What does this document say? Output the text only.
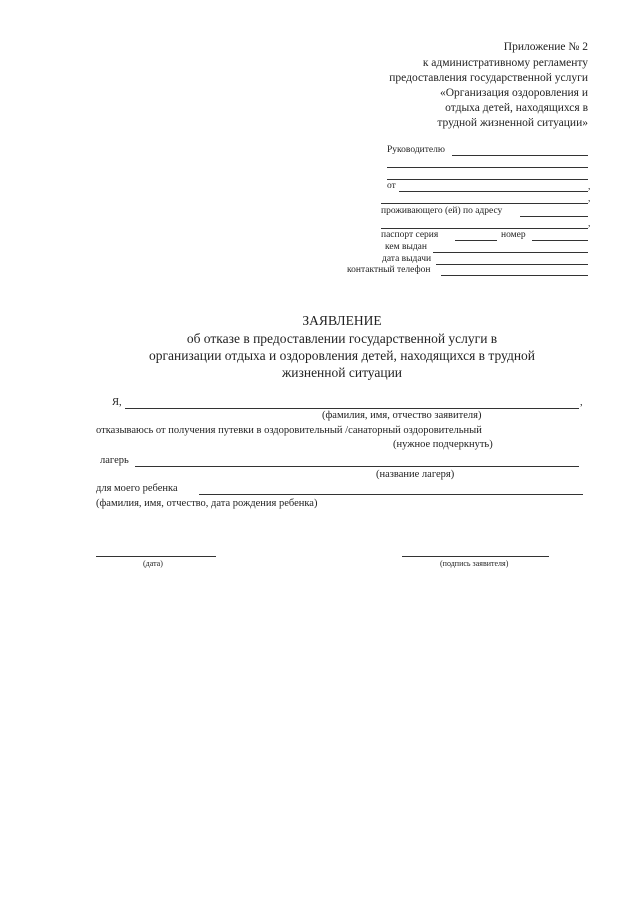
Приложение № 2
к административному регламенту
предоставления государственной услуги
«Организация оздоровления и
отдыха детей, находящихся в
трудной жизненной ситуации»
Руководителю
от	,
,
проживающего (ей) по адресу
,
паспорт серия	номер
кем выдан
дата выдачи
контактный телефон
ЗАЯВЛЕНИЕ
об отказе в предоставлении государственной услуги в
организации отдыха и оздоровления детей, находящихся в трудной
жизненной ситуации
Я,	,
(фамилия, имя, отчество заявителя)
отказываюсь от получения путевки в оздоровительный /санаторный оздоровительный
(нужное подчеркнуть)
лагерь
(название лагеря)
для моего ребенка
(фамилия, имя, отчество, дата рождения ребенка)
(дата)	(подпись заявителя)
